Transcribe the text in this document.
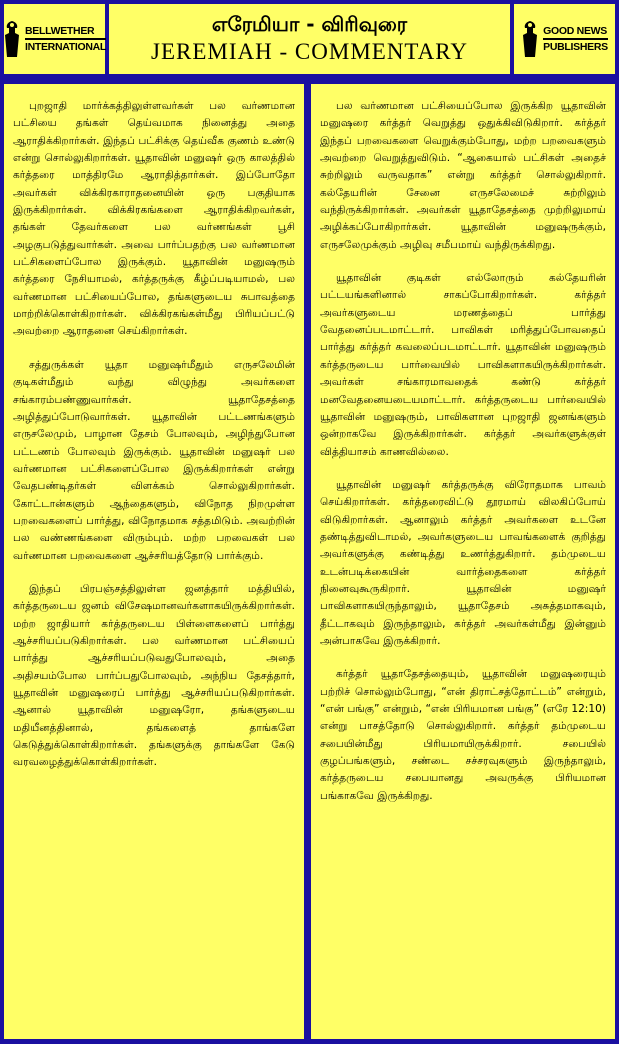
BELLWETHER
INTERNATIONAL
எரேமியா - விரிவுரை
JEREMIAH - COMMENTARY
GOOD NEWS
PUBLISHERS

புறஜாதி மார்க்கத்திலுள்ளவர்கள் பல வர்ணமான பட்சியை தங்கள் தெய்வமாக நினைத்து அதை ஆராதிக்கிறார்கள். இந்தப் பட்சிக்கு தெய்வீக குணம் உண்டு என்று சொல்லுகிறார்கள். யூதாவின் மனுஷர் ஒரு காலத்தில் கர்த்தரை மாத்திரமே ஆராதித்தார்கள். இப்போதோ அவர்கள் விக்கிரகாராதனையின் ஒரு பகுதியாக இருக்கிறார்கள். விக்கிரகங்களை ஆராதிக்கிறவர்கள், தங்கள் தேவர்களை பல வர்ணங்கள் பூசி அழகுபடுத்துவார்கள். அவை பார்ப்பதற்கு பல வர்ணமான பட்சிகளைப்போல இருக்கும். யூதாவின் மனுஷரும் கர்த்தரை நேசியாமல், கர்த்தருக்கு கீழ்ப்படியாமல், பல வர்ணமான பட்சியைப்போல, தங்களுடைய சுபாவத்தை மாற்றிக்கொள்கிறார்கள். விக்கிரகங்கள்மீது பிரியப்பட்டு அவற்றை ஆராதனை செய்கிறார்கள்.

சத்துருக்கள் யூதா மனுஷர்மீதும் எருசலேமின் குடிகள்மீதும் வந்து விழுந்து அவர்களை சங்காரம்பண்ணுவார்கள். யூதாதேசத்தை அழித்துப்போடுவார்கள். யூதாவின் பட்டணங்களும் எருசலேமும், பாழான தேசம் போலவும், அழிந்துபோன பட்டணம் போலவும் இருக்கும். யூதாவின் மனுஷர் பல வர்ணமான பட்சிகளைப்போல இருக்கிறார்கள் என்று வேதபண்டிதர்கள் விளக்கம் சொல்லுகிறார்கள். கோட்டான்களும் ஆந்தைகளும், விநோத நிறமுள்ள பறவைகளைப் பார்த்து, விநோதமாக சத்தமிடும். அவற்றின் பல வண்ணங்களை விரும்பும். மற்ற பறவைகள் பல வர்ணமான பறவைகளை ஆச்சரியத்தோடு பார்க்கும்.

இந்தப் பிரபஞ்சத்திலுள்ள ஜனத்தார் மத்தியில், கர்த்தருடைய ஜனம் விசேஷமானவர்களாகயிருக்கிறார்கள். மற்ற ஜாதியார் கர்த்தருடைய பிள்ளைகளைப் பார்த்து ஆச்சரியப்படுகிறார்கள். பல வர்ணமான பட்சியைப் பார்த்து ஆச்சரியப்படுவதுபோலவும், அதை அதிசயம்போல பார்ப்பதுபோலவும், அந்நிய தேசத்தார், யூதாவின் மனுஷரைப் பார்த்து ஆச்சரியப்படுகிறார்கள். ஆனால் யூதாவின் மனுஷரோ, தங்களுடைய மதியீனத்தினால், தங்களைத் தாங்களே கெடுத்துக்கொள்கிறார்கள். தங்களுக்கு தாங்களே கேடு வரவழைத்துக்கொள்கிறார்கள்.

பல வர்ணமான பட்சியைப்போல இருக்கிற யூதாவின் மனுஷரை கர்த்தர் வெறுத்து ஒதுக்கிவிடுகிறார். கர்த்தர் இந்தப் பறவைகளை வெறுக்கும்போது, மற்ற பறவைகளும் அவற்றை வெறுத்துவிடும். “ஆகையால் பட்சிகள் அதைச் சுற்றிலும் வருவதாக” என்று கர்த்தர் சொல்லுகிறார். கல்தேயரின் சேனை எருசலேமைச் சுற்றிலும் வந்திருக்கிறார்கள். அவர்கள் யூதாதேசத்தை முற்றிலுமாய் அழிக்கப்போகிறார்கள். யூதாவின் மனுஷருக்கும், எருசலேமுக்கும் அழிவு சமீபமாய் வந்திருக்கிறது.

யூதாவின் குடிகள் எல்லோரும் கல்தேயரின் பட்டயங்களினால் சாகப்போகிறார்கள். கர்த்தர் அவர்களுடைய மரணத்தைப் பார்த்து வேதனைப்படமாட்டார். பாவிகள் மரித்துப்போவதைப் பார்த்து கர்த்தர் கவலைப்படமாட்டார். யூதாவின் மனுஷரும் கர்த்தருடைய பார்வையில் பாவிகளாகயிருக்கிறார்கள். அவர்கள் சங்காரமாவதைக் கண்டு கர்த்தர் மனவேதனையடையமாட்டார். கர்த்தருடைய பார்வையில் யூதாவின் மனுஷரும், பாவிகளான புறஜாதி ஜனங்களும் ஒன்றாகவே இருக்கிறார்கள். கர்த்தர் அவர்களுக்குள் வித்தியாசம் காணவில்லை.

யூதாவின் மனுஷர் கர்த்தருக்கு விரோதமாக பாவம் செய்கிறார்கள். கர்த்தரைவிட்டு தூரமாய் விலகிப்போய் விடுகிறார்கள். ஆனாலும் கர்த்தர் அவர்களை உடனே தண்டித்துவிடாமல், அவர்களுடைய பாவங்களைக் குறித்து அவர்களுக்கு கண்டித்து உணர்த்துகிறார். தம்முடைய உடன்படிக்கையின் வார்த்தைகளை கர்த்தர் நினைவுகூருகிறார். யூதாவின் மனுஷர் பாவிகளாகயிருந்தாலும், யூதாதேசம் அசுத்தமாகவும், தீட்டாகவும் இருந்தாலும், கர்த்தர் அவர்கள்மீது இன்னும் அன்பாகவே இருக்கிறார்.

கர்த்தர் யூதாதேசத்தையும், யூதாவின் மனுஷரையும் பற்றிச் சொல்லும்போது, “என் திராட்சத்தோட்டம்” என்றும், “என் பங்கு” என்றும், “என் பிரியமான பங்கு” (எரே 12:10) என்று பாசத்தோடு சொல்லுகிறார். கர்த்தர் தம்முடைய சபையின்மீது பிரியமாயிருக்கிறார். சபையில் குழப்பங்களும், சண்டை சச்சரவுகளும் இருந்தாலும், கர்த்தருடைய சபையானது அவருக்கு பிரியமான பங்காகவே இருக்கிறது.
